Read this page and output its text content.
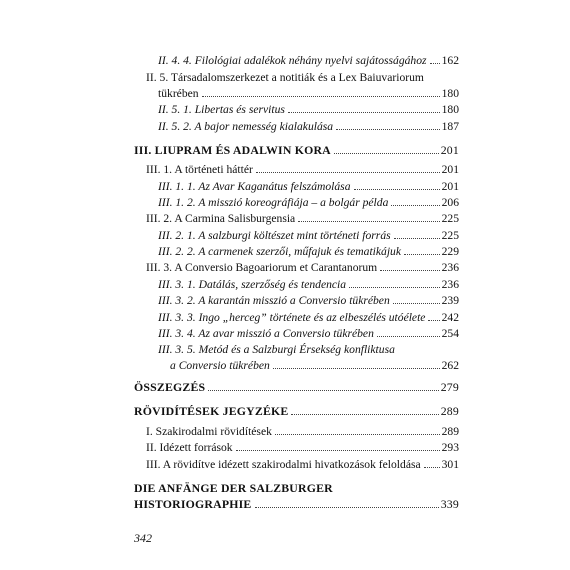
II. 4. 4. Filológiai adalékok néhány nyelvi sajátosságához 162
II. 5. Társadalomszerkezet a notitiák és a Lex Baiuvariorum
tükrében	180
II. 5. 1. Libertas és servitus	180
II. 5. 2. A bajor nemesség kialakulása	187
III. LIUPRAM ÉS ADALWIN KORA	201
III. 1. A történeti háttér	201
III. 1. 1. Az Avar Kaganátus felszámolása	201
III. 1. 2. A misszió koreográfiája – a bolgár példa	206
III. 2. A Carmina Salisburgensia	225
III. 2. 1. A salzburgi költészet mint történeti forrás	225
III. 2. 2. A carmenek szerzői, műfajuk és tematikájuk	229
III. 3. A Conversio Bagoariorum et Carantanorum	236
III. 3. 1. Datálás, szerzőség és tendencia	236
III. 3. 2. A karantán misszió a Conversio tükrében	239
III. 3. 3. Ingo „herceg” története és az elbeszélés utóélete 242
III. 3. 4. Az avar misszió a Conversio tükrében	254
III. 3. 5. Metód és a Salzburgi Érsekség konfliktusa
a Conversio tükrében	262
ÖSSZEGZÉS	279
RÖVIDÍTÉSEK JEGYZÉKE	289
I. Szakirodalmi rövidítések	289
II. Idézett források	293
III. A rövidítve idézett szakirodalmi hivatkozások feloldása 301
DIE ANFÄNGE DER SALZBURGER
HISTORIOGRAPHIE	339
342
